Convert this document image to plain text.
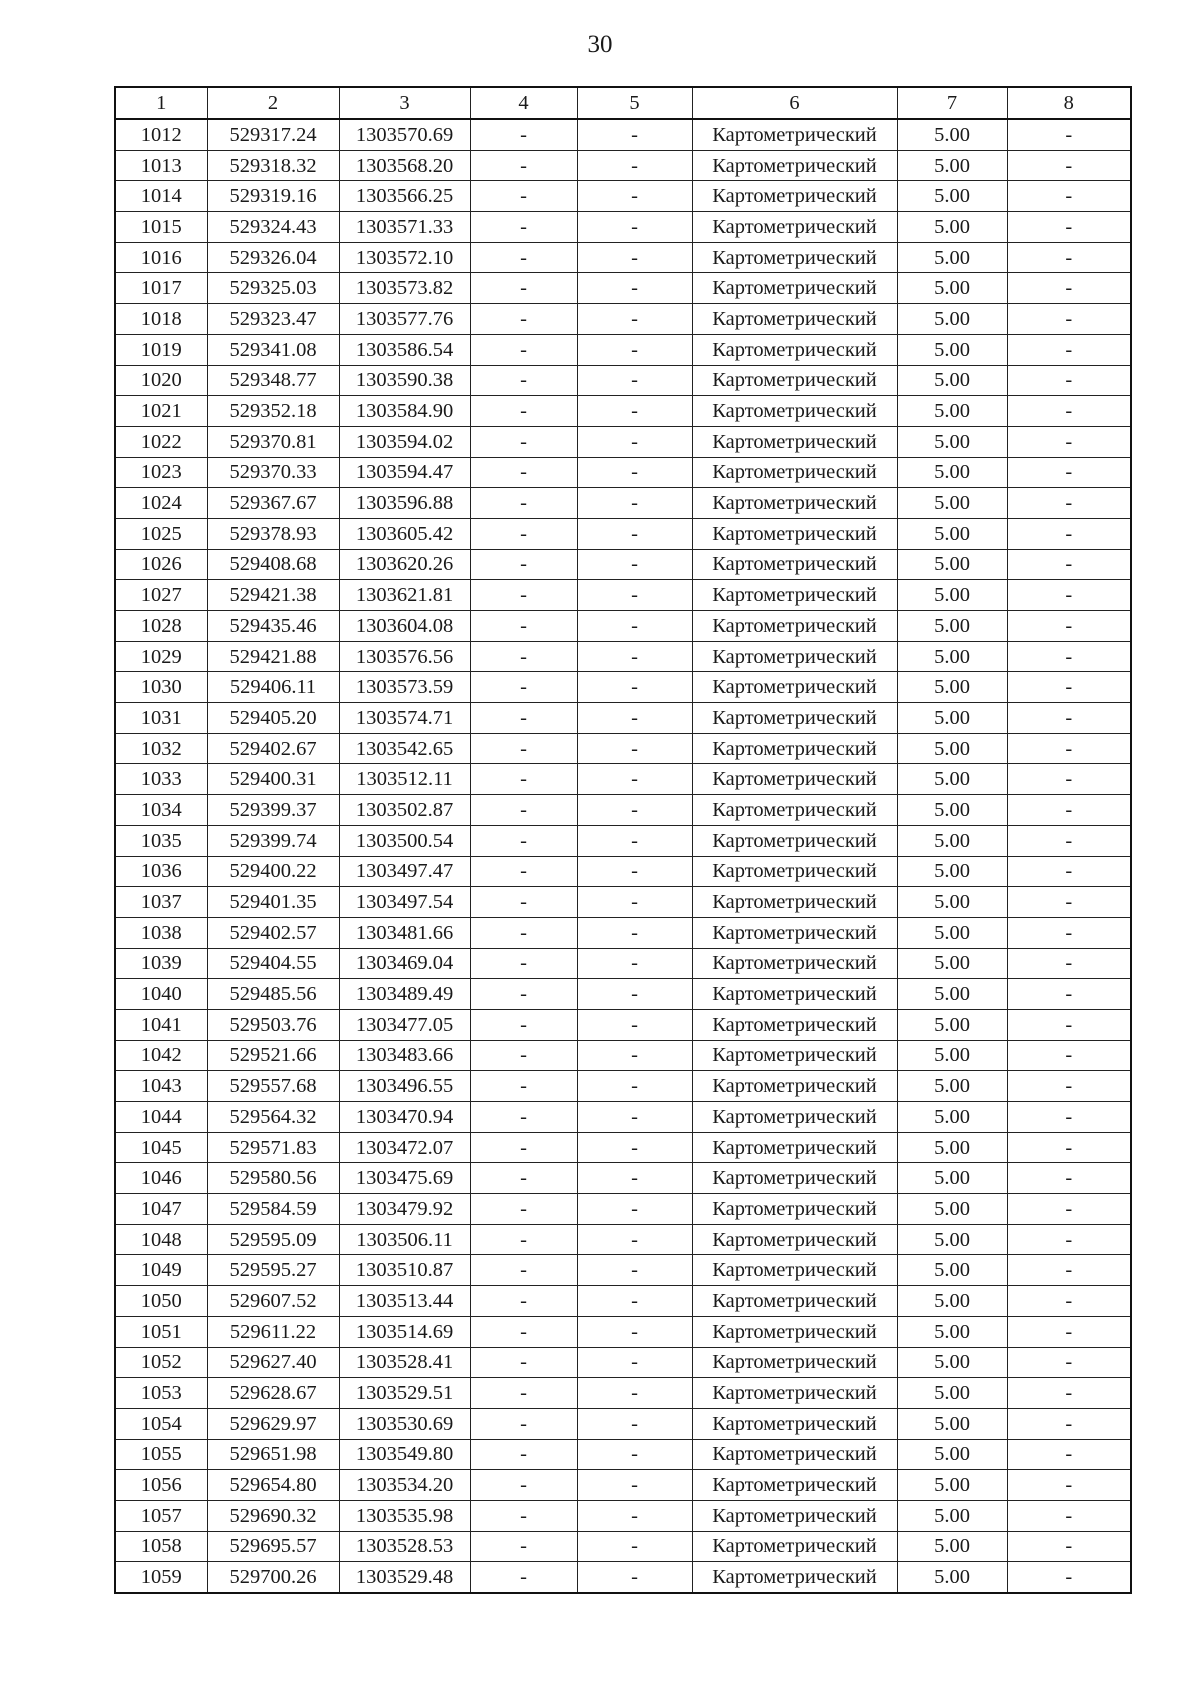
30
1	2	3	4	5	6	7	8
1012	529317.24	1303570.69	-	-	Картометрический	5.00	-
1013	529318.32	1303568.20	-	-	Картометрический	5.00	-
1014	529319.16	1303566.25	-	-	Картометрический	5.00	-
1015	529324.43	1303571.33	-	-	Картометрический	5.00	-
1016	529326.04	1303572.10	-	-	Картометрический	5.00	-
1017	529325.03	1303573.82	-	-	Картометрический	5.00	-
1018	529323.47	1303577.76	-	-	Картометрический	5.00	-
1019	529341.08	1303586.54	-	-	Картометрический	5.00	-
1020	529348.77	1303590.38	-	-	Картометрический	5.00	-
1021	529352.18	1303584.90	-	-	Картометрический	5.00	-
1022	529370.81	1303594.02	-	-	Картометрический	5.00	-
1023	529370.33	1303594.47	-	-	Картометрический	5.00	-
1024	529367.67	1303596.88	-	-	Картометрический	5.00	-
1025	529378.93	1303605.42	-	-	Картометрический	5.00	-
1026	529408.68	1303620.26	-	-	Картометрический	5.00	-
1027	529421.38	1303621.81	-	-	Картометрический	5.00	-
1028	529435.46	1303604.08	-	-	Картометрический	5.00	-
1029	529421.88	1303576.56	-	-	Картометрический	5.00	-
1030	529406.11	1303573.59	-	-	Картометрический	5.00	-
1031	529405.20	1303574.71	-	-	Картометрический	5.00	-
1032	529402.67	1303542.65	-	-	Картометрический	5.00	-
1033	529400.31	1303512.11	-	-	Картометрический	5.00	-
1034	529399.37	1303502.87	-	-	Картометрический	5.00	-
1035	529399.74	1303500.54	-	-	Картометрический	5.00	-
1036	529400.22	1303497.47	-	-	Картометрический	5.00	-
1037	529401.35	1303497.54	-	-	Картометрический	5.00	-
1038	529402.57	1303481.66	-	-	Картометрический	5.00	-
1039	529404.55	1303469.04	-	-	Картометрический	5.00	-
1040	529485.56	1303489.49	-	-	Картометрический	5.00	-
1041	529503.76	1303477.05	-	-	Картометрический	5.00	-
1042	529521.66	1303483.66	-	-	Картометрический	5.00	-
1043	529557.68	1303496.55	-	-	Картометрический	5.00	-
1044	529564.32	1303470.94	-	-	Картометрический	5.00	-
1045	529571.83	1303472.07	-	-	Картометрический	5.00	-
1046	529580.56	1303475.69	-	-	Картометрический	5.00	-
1047	529584.59	1303479.92	-	-	Картометрический	5.00	-
1048	529595.09	1303506.11	-	-	Картометрический	5.00	-
1049	529595.27	1303510.87	-	-	Картометрический	5.00	-
1050	529607.52	1303513.44	-	-	Картометрический	5.00	-
1051	529611.22	1303514.69	-	-	Картометрический	5.00	-
1052	529627.40	1303528.41	-	-	Картометрический	5.00	-
1053	529628.67	1303529.51	-	-	Картометрический	5.00	-
1054	529629.97	1303530.69	-	-	Картометрический	5.00	-
1055	529651.98	1303549.80	-	-	Картометрический	5.00	-
1056	529654.80	1303534.20	-	-	Картометрический	5.00	-
1057	529690.32	1303535.98	-	-	Картометрический	5.00	-
1058	529695.57	1303528.53	-	-	Картометрический	5.00	-
1059	529700.26	1303529.48	-	-	Картометрический	5.00	-
